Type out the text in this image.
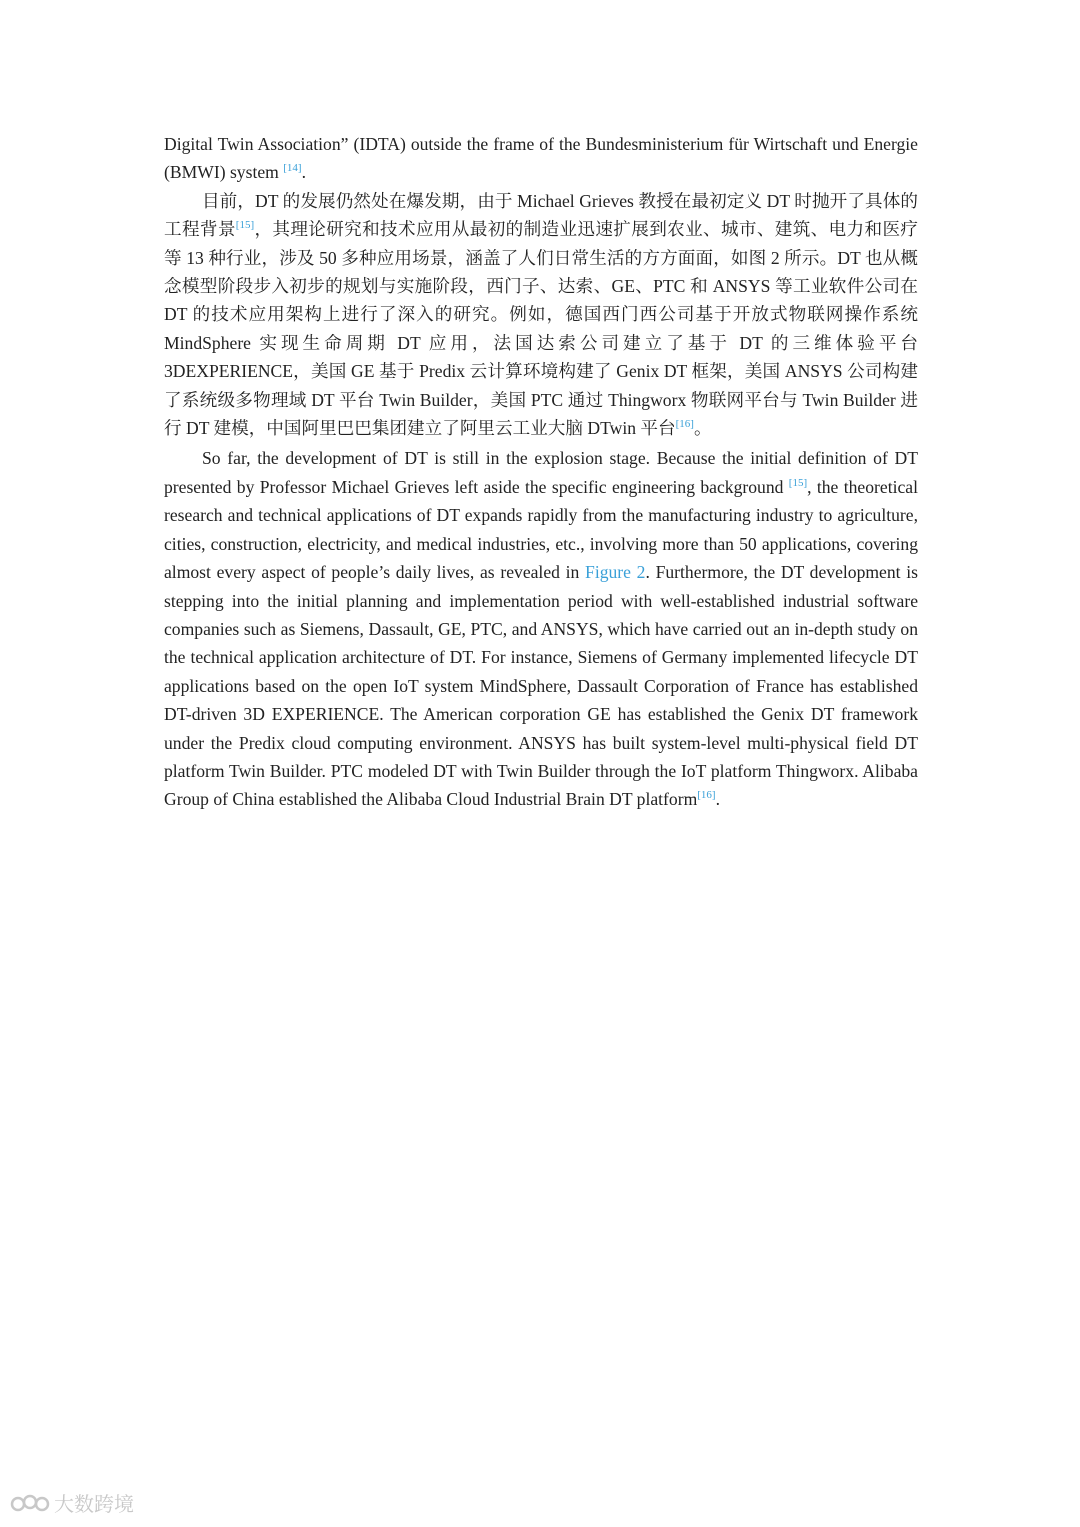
Digital Twin Association” (IDTA) outside the frame of the Bundesministerium für Wirtschaft und Energie (BMWI) system [14].

目前，DT 的发展仍然处在爆发期，由于 Michael Grieves 教授在最初定义 DT 时抛开了具体的工程背景[15]，其理论研究和技术应用从最初的制造业迅速扩展到农业、城市、建筑、电力和医疗等 13 种行业，涉及 50 多种应用场景，涵盖了人们日常生活的方方面面，如图 2 所示。DT 也从概念模型阶段步入初步的规划与实施阶段，西门子、达索、GE、PTC 和 ANSYS 等工业软件公司在 DT 的技术应用架构上进行了深入的研究。例如，德国西门西公司基于开放式物联网操作系统 MindSphere 实现生命周期 DT 应用，法国达索公司建立了基于 DT 的三维体验平台 3DEXPERIENCE，美国 GE 基于 Predix 云计算环境构建了 Genix DT 框架，美国 ANSYS 公司构建了系统级多物理域 DT 平台 Twin Builder，美国 PTC 通过 Thingworx 物联网平台与 Twin Builder 进行 DT 建模，中国阿里巴巴集团建立了阿里云工业大脑 DTwin 平台[16]。

So far, the development of DT is still in the explosion stage. Because the initial definition of DT presented by Professor Michael Grieves left aside the specific engineering background [15], the theoretical research and technical applications of DT expands rapidly from the manufacturing industry to agriculture, cities, construction, electricity, and medical industries, etc., involving more than 50 applications, covering almost every aspect of people’s daily lives, as revealed in Figure 2. Furthermore, the DT development is stepping into the initial planning and implementation period with well-established industrial software companies such as Siemens, Dassault, GE, PTC, and ANSYS, which have carried out an in-depth study on the technical application architecture of DT. For instance, Siemens of Germany implemented lifecycle DT applications based on the open IoT system MindSphere, Dassault Corporation of France has established DT-driven 3D EXPERIENCE. The American corporation GE has established the Genix DT framework under the Predix cloud computing environment. ANSYS has built system-level multi-physical field DT platform Twin Builder. PTC modeled DT with Twin Builder through the IoT platform Thingworx. Alibaba Group of China established the Alibaba Cloud Industrial Brain DT platform[16].

大数跨境
